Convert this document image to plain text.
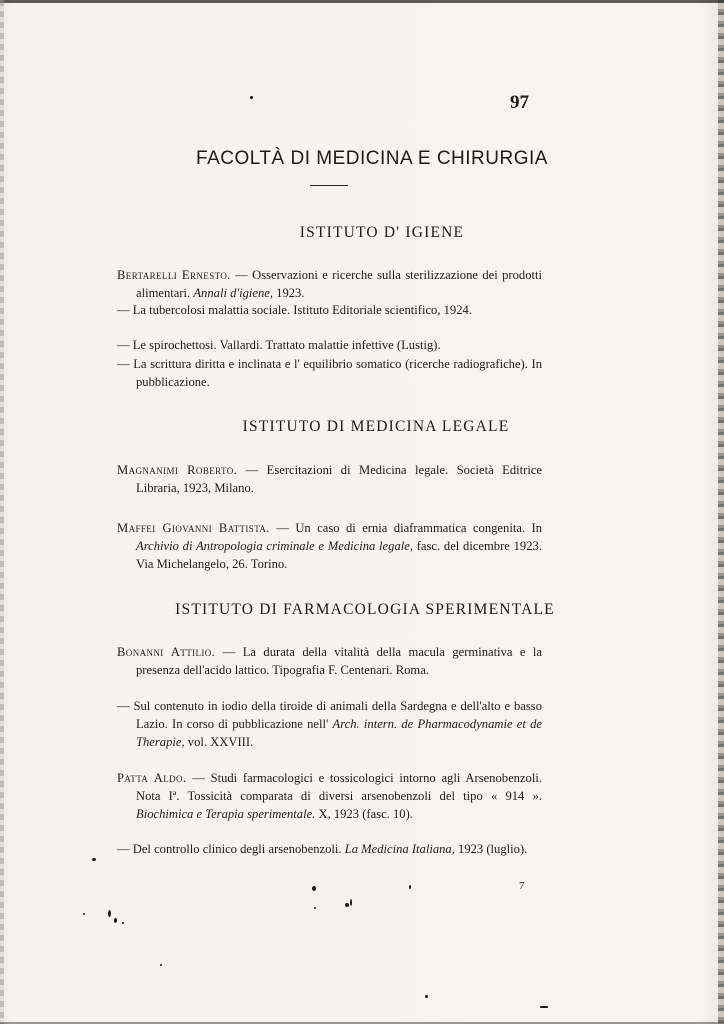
97
FACOLTÀ DI MEDICINA E CHIRURGIA
ISTITUTO D' IGIENE

Bertarelli Ernesto. — Osservazioni e ricerche sulla sterilizzazione dei prodotti alimentari. Annali d'igiene, 1923.

— La tubercolosi malattia sociale. Istituto Editoriale scientifico, 1924.

— Le spirochettosi. Vallardi. Trattato malattie infettive (Lustig).

— La scrittura diritta e inclinata e l' equilibrio somatico (ricerche radiografiche). In pubblicazione.

ISTITUTO DI MEDICINA LEGALE

Magnanimi Roberto. — Esercitazioni di Medicina legale. Società Editrice Libraria, 1923, Milano.

Maffei Giovanni Battista. — Un caso di ernia diaframmatica congenita. In Archivio di Antropologia criminale e Medicina legale, fasc. del dicembre 1923. Via Michelangelo, 26. Torino.

ISTITUTO DI FARMACOLOGIA SPERIMENTALE

Bonanni Attilio. — La durata della vitalità della macula germinativa e la presenza dell'acido lattico. Tipografia F. Centenari. Roma.

— Sul contenuto in iodio della tiroide di animali della Sardegna e dell'alto e basso Lazio. In corso di pubblicazione nell' Arch. intern. de Pharmacodynamie et de Therapie, vol. XXVIII.

Patta Aldo. — Studi farmacologici e tossicologici intorno agli Arsenobenzoli. Nota Iª. Tossicità comparata di diversi arsenobenzoli del tipo « 914 ». Biochimica e Terapia sperimentale. X, 1923 (fasc. 10).

— Del controllo clinico degli arsenobenzoli. La Medicina Italiana, 1923 (luglio).

7
